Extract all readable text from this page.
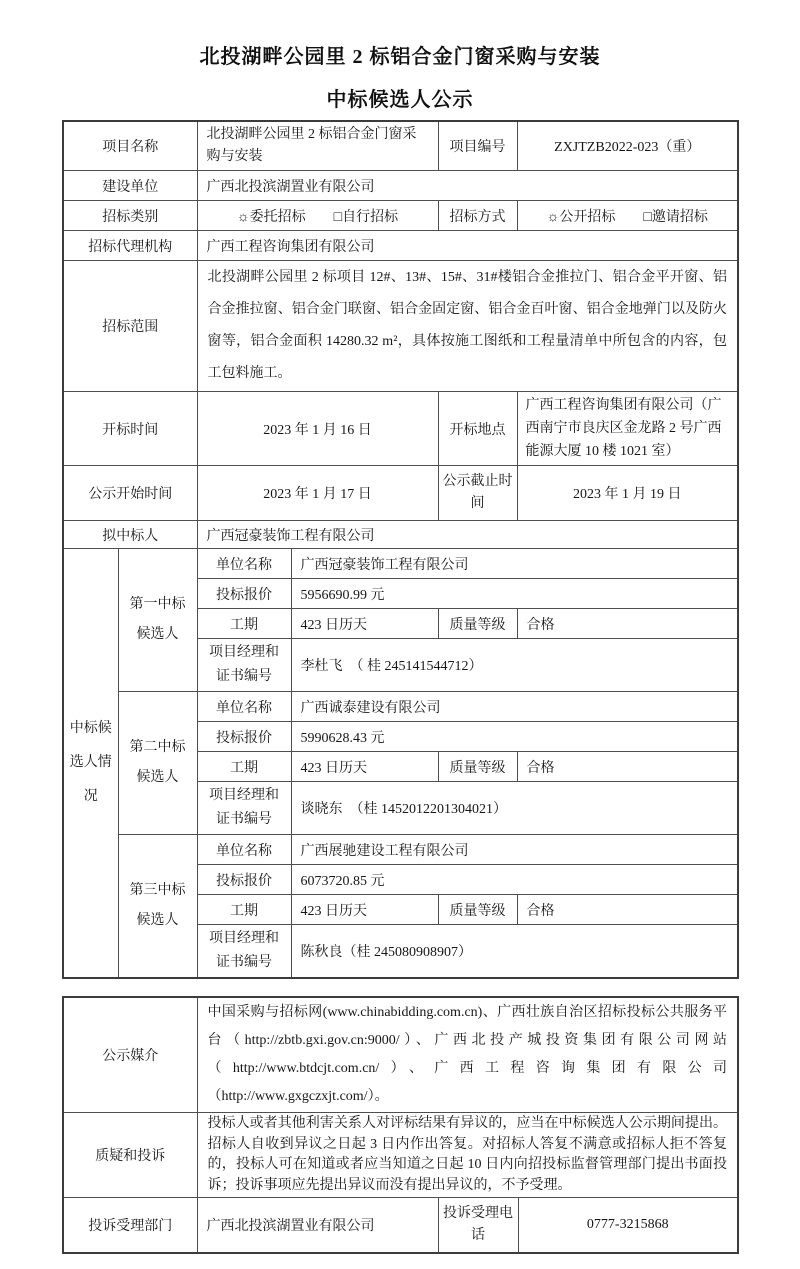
北投湖畔公园里 2 标铝合金门窗采购与安装
中标候选人公示
项目名称		北投湖畔公园里 2 标铝合金门窗采购与安装		项目编号	ZXJTZB2022-023（重）
建设单位		广西北投滨湖置业有限公司			
招标类别		☼委托招标　　□自行招标		招标方式	☼公开招标　　□邀请招标
招标代理机构		广西工程咨询集团有限公司			
招标范围		北投湖畔公园里 2 标项目 12#、13#、15#、31#楼铝合金推拉门、铝合金平开窗、铝合金推拉窗、铝合金门联窗、铝合金固定窗、铝合金百叶窗、铝合金地弹门以及防火窗等，铝合金面积 14280.32 m²，具体按施工图纸和工程量清单中所包含的内容，包工包料施工。			
开标时间		2023 年 1 月 16 日		开标地点	广西工程咨询集团有限公司（广西南宁市良庆区金龙路 2 号广西能源大厦 10 楼 1021 室）
公示开始时间		2023 年 1 月 17 日		公示截止时间	2023 年 1 月 19 日
拟中标人		广西冠豪装饰工程有限公司			
中标候选人情况	第一中标候选人	单位名称	广西冠豪装饰工程有限公司		
		投标报价	5956690.99 元		
		工期	423 日历天	质量等级	合格
		项目经理和证书编号	李杜飞　（ 桂 245141544712）		
	第二中标候选人	单位名称	广西诚泰建设有限公司		
		投标报价	5990628.43 元		
		工期	423 日历天	质量等级	合格
		项目经理和证书编号	谈晓东　（桂 1452012201304021）		
	第三中标候选人	单位名称	广西展驰建设工程有限公司		
		投标报价	6073720.85 元		
		工期	423 日历天	质量等级	合格
		项目经理和证书编号	陈秋良（桂 245080908907）		
公示媒介	中国采购与招标网(www.chinabidding.com.cn)、广西壮族自治区招标投标公共服务平台（http://zbtb.gxi.gov.cn:9000/）、广西北投产城投资集团有限公司网站（http://www.btdcjt.com.cn/）、广西工程咨询集团有限公司（http://www.gxgczxjt.com/）。		
质疑和投诉	投标人或者其他利害关系人对评标结果有异议的，应当在中标候选人公示期间提出。招标人自收到异议之日起 3 日内作出答复。对招标人答复不满意或招标人拒不答复的，投标人可在知道或者应当知道之日起 10 日内向招投标监督管理部门提出书面投诉；投诉事项应先提出异议而没有提出异议的，不予受理。		
投诉受理部门	广西北投滨湖置业有限公司	投诉受理电话	0777-3215868
